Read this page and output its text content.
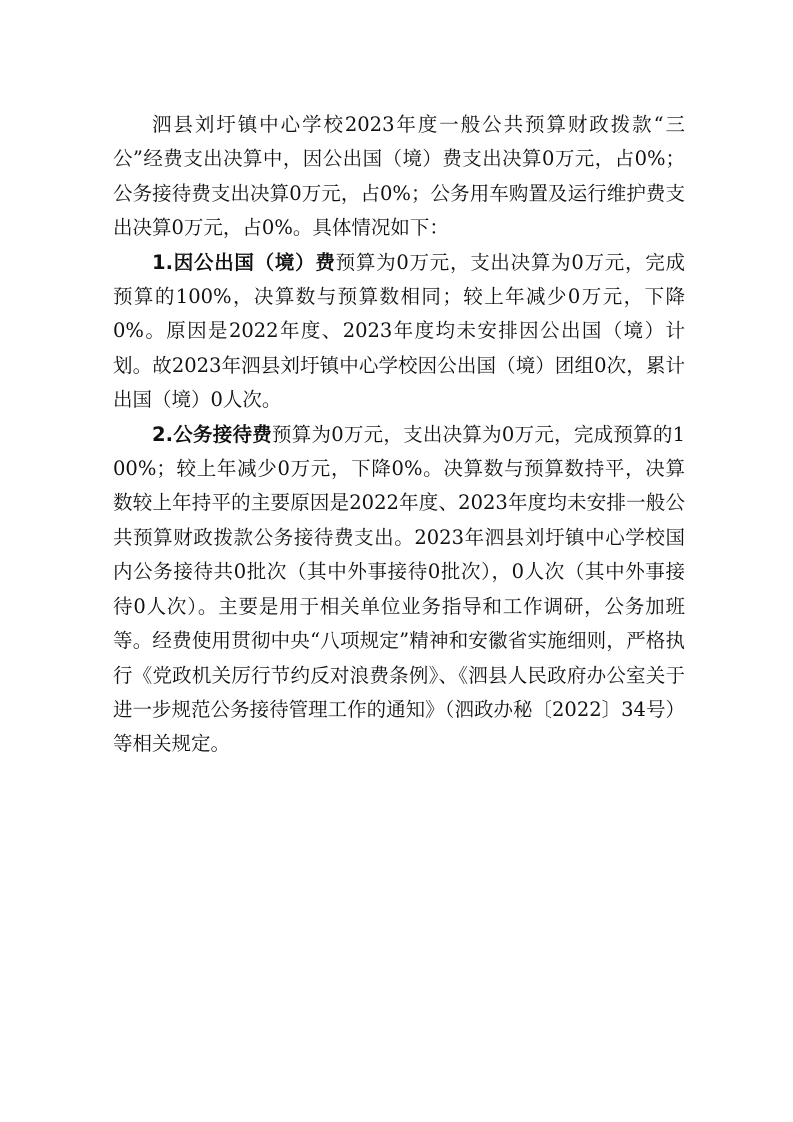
泗县刘圩镇中心学校2023年度一般公共预算财政拨款“三公”经费支出决算中，因公出国（境）费支出决算0万元，占0%；公务接待费支出决算0万元，占0%；公务用车购置及运行维护费支出决算0万元，占0%。具体情况如下：

1.因公出国（境）费预算为0万元，支出决算为0万元，完成预算的100%，决算数与预算数相同；较上年减少0万元，下降0%。原因是2022年度、2023年度均未安排因公出国（境）计划。故2023年泗县刘圩镇中心学校因公出国（境）团组0次，累计出国（境）0人次。

2.公务接待费预算为0万元，支出决算为0万元，完成预算的100%；较上年减少0万元，下降0%。决算数与预算数持平，决算数较上年持平的主要原因是2022年度、2023年度均未安排一般公共预算财政拨款公务接待费支出。2023年泗县刘圩镇中心学校国内公务接待共0批次（其中外事接待0批次），0人次（其中外事接待0人次）。主要是用于相关单位业务指导和工作调研，公务加班等。经费使用贯彻中央“八项规定”精神和安徽省实施细则，严格执行《党政机关厉行节约反对浪费条例》、《泗县人民政府办公室关于进一步规范公务接待管理工作的通知》（泗政办秘〔2022〕34号）等相关规定。
